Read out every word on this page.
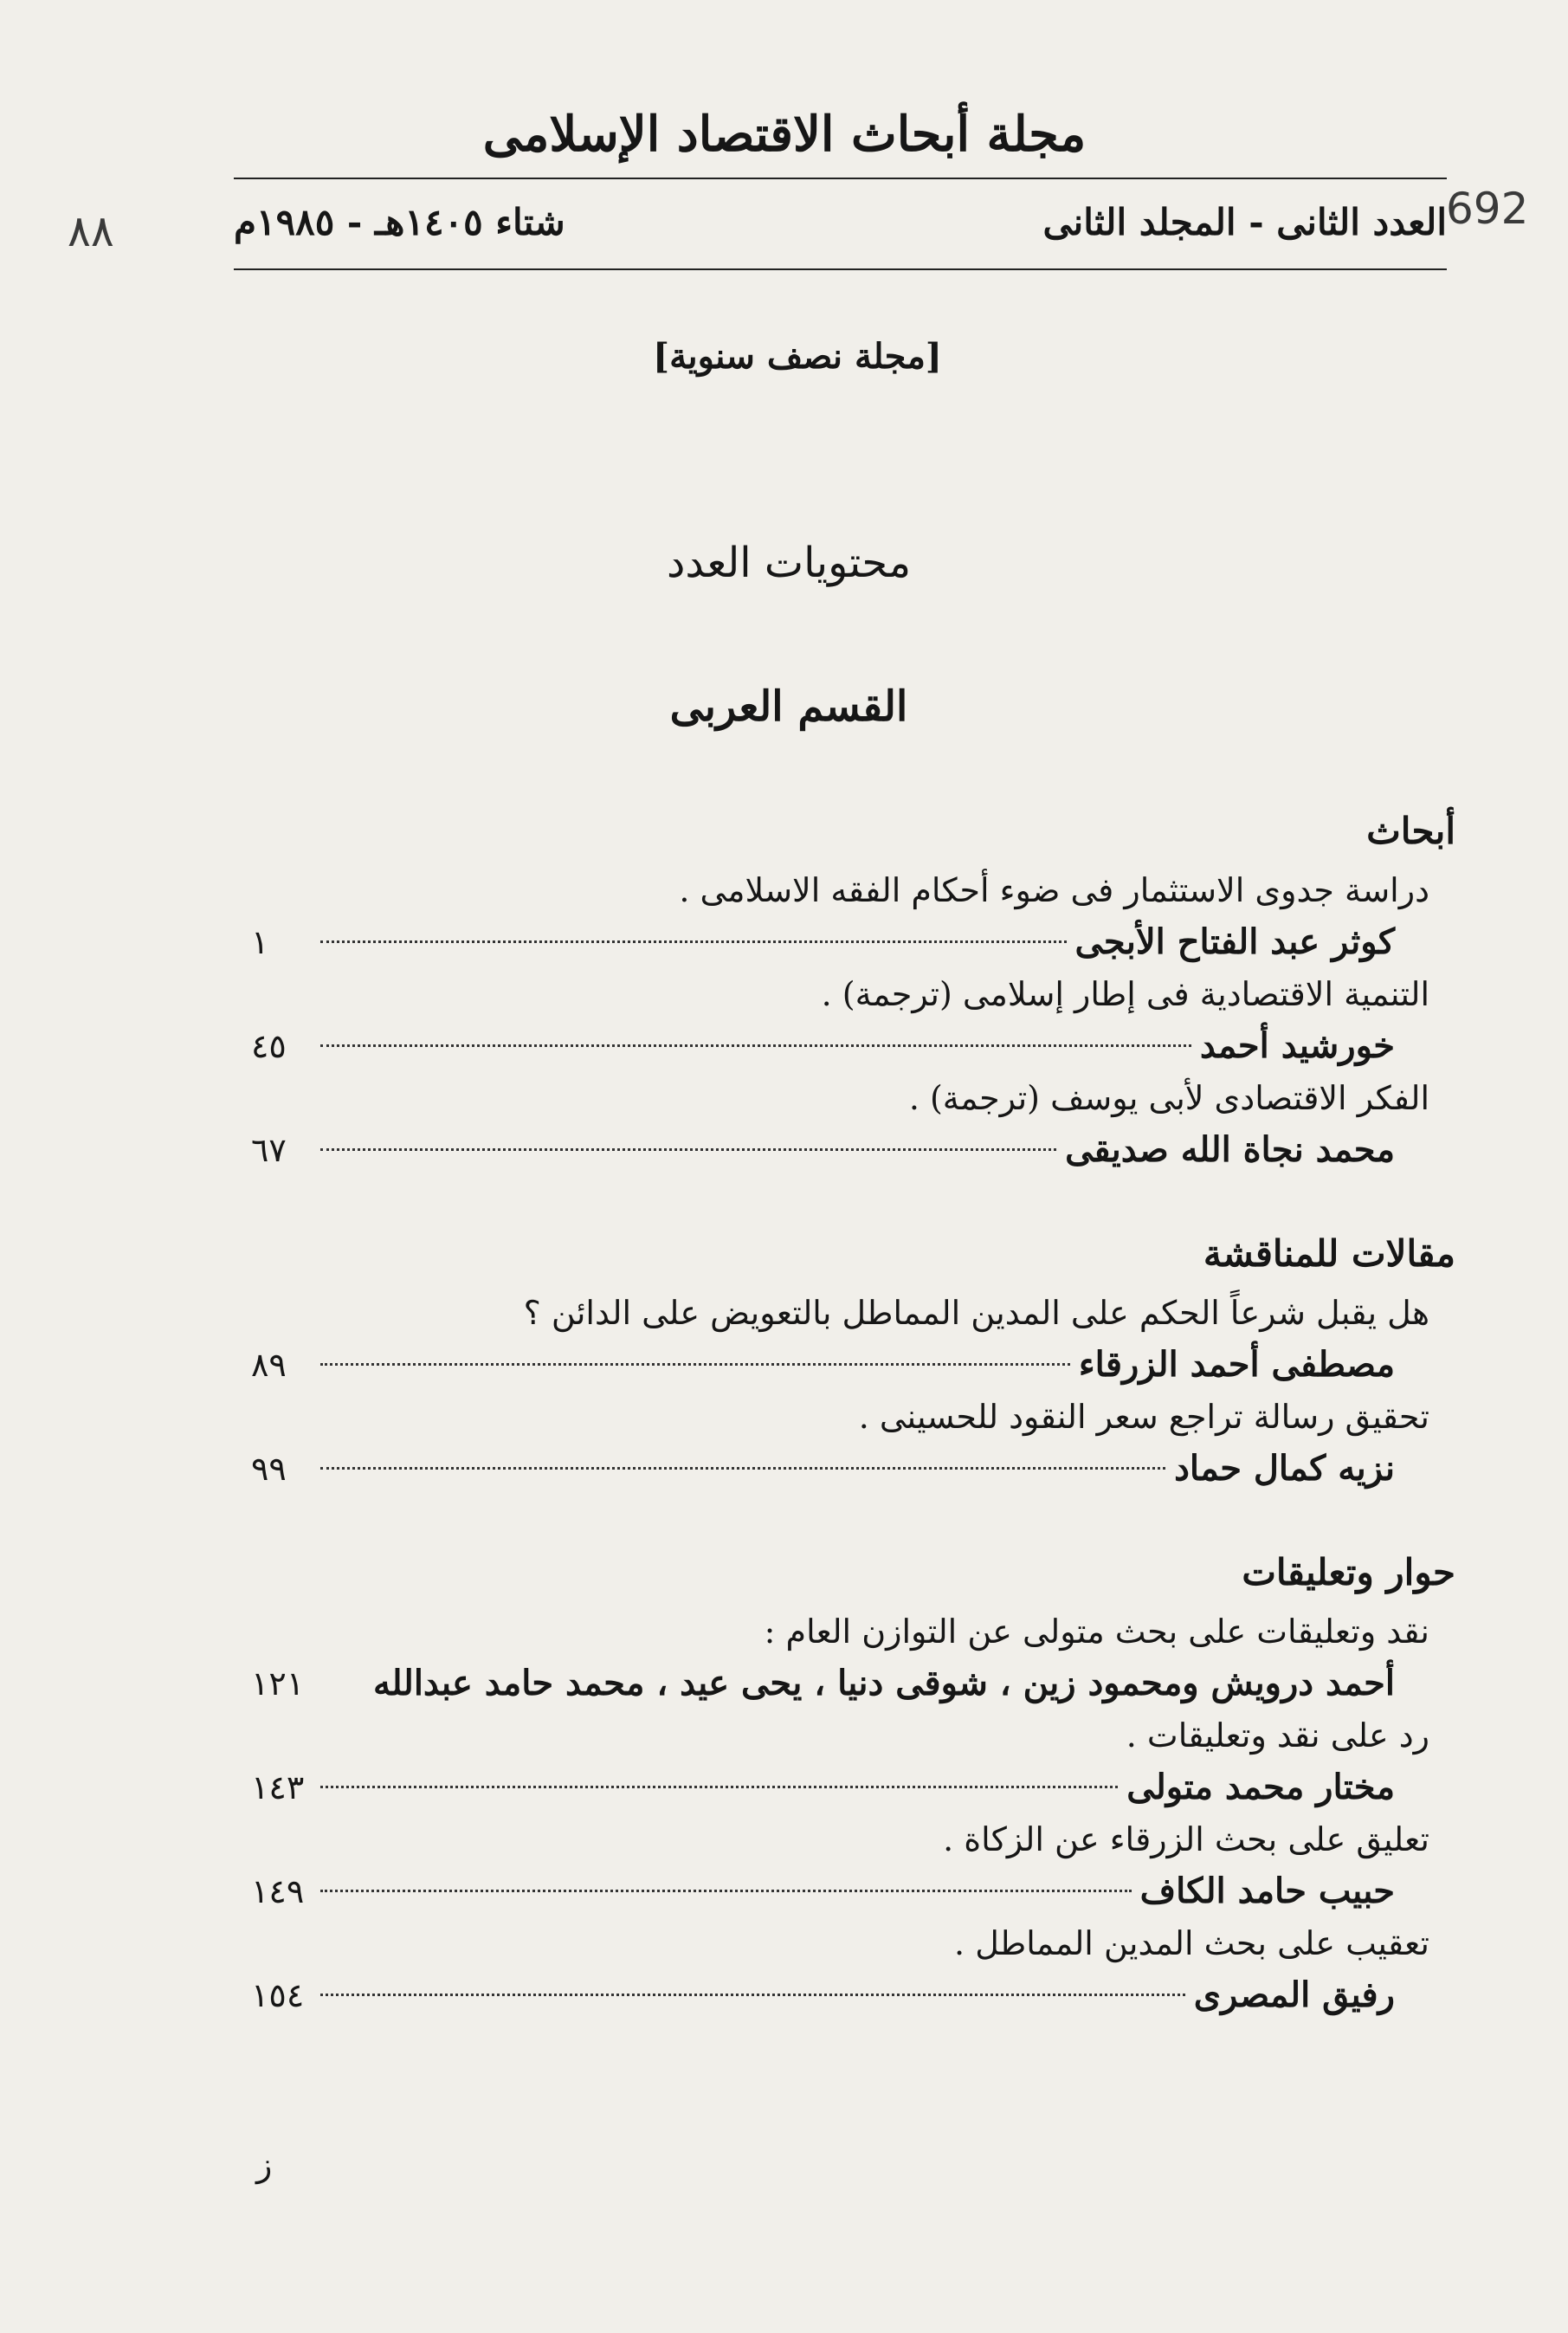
مجلة أبحاث الاقتصاد الإسلامى
العدد الثانى - المجلد الثانى
شتاء ١٤٠٥هـ - ١٩٨٥م
٨٨	692
[مجلة نصف سنوية]
محتويات العدد
القسم العربى
أبحاث
دراسة جدوى الاستثمار فى ضوء أحكام الفقه الاسلامى .
كوثر عبد الفتاح الأبجى
١
التنمية الاقتصادية فى إطار إسلامى (ترجمة) .
خورشيد أحمد
٤٥
الفكر الاقتصادى لأبى يوسف (ترجمة) .
محمد نجاة الله صديقى
٦٧
مقالات للمناقشة
هل يقبل شرعاً الحكم على المدين المماطل بالتعويض على الدائن ؟
مصطفى أحمد الزرقاء
٨٩
تحقيق رسالة تراجع سعر النقود للحسينى .
نزيه كمال حماد
٩٩
حوار وتعليقات
نقد وتعليقات على بحث متولى عن التوازن العام :
أحمد درويش ومحمود زين ، شوقى دنيا ، يحى عيد ، محمد حامد عبدالله
١٢١
رد على نقد وتعليقات .
مختار محمد متولى
١٤٣
تعليق على بحث الزرقاء عن الزكاة .
حبيب حامد الكاف
١٤٩
تعقيب على بحث المدين المماطل .
رفيق المصرى
١٥٤
ز
